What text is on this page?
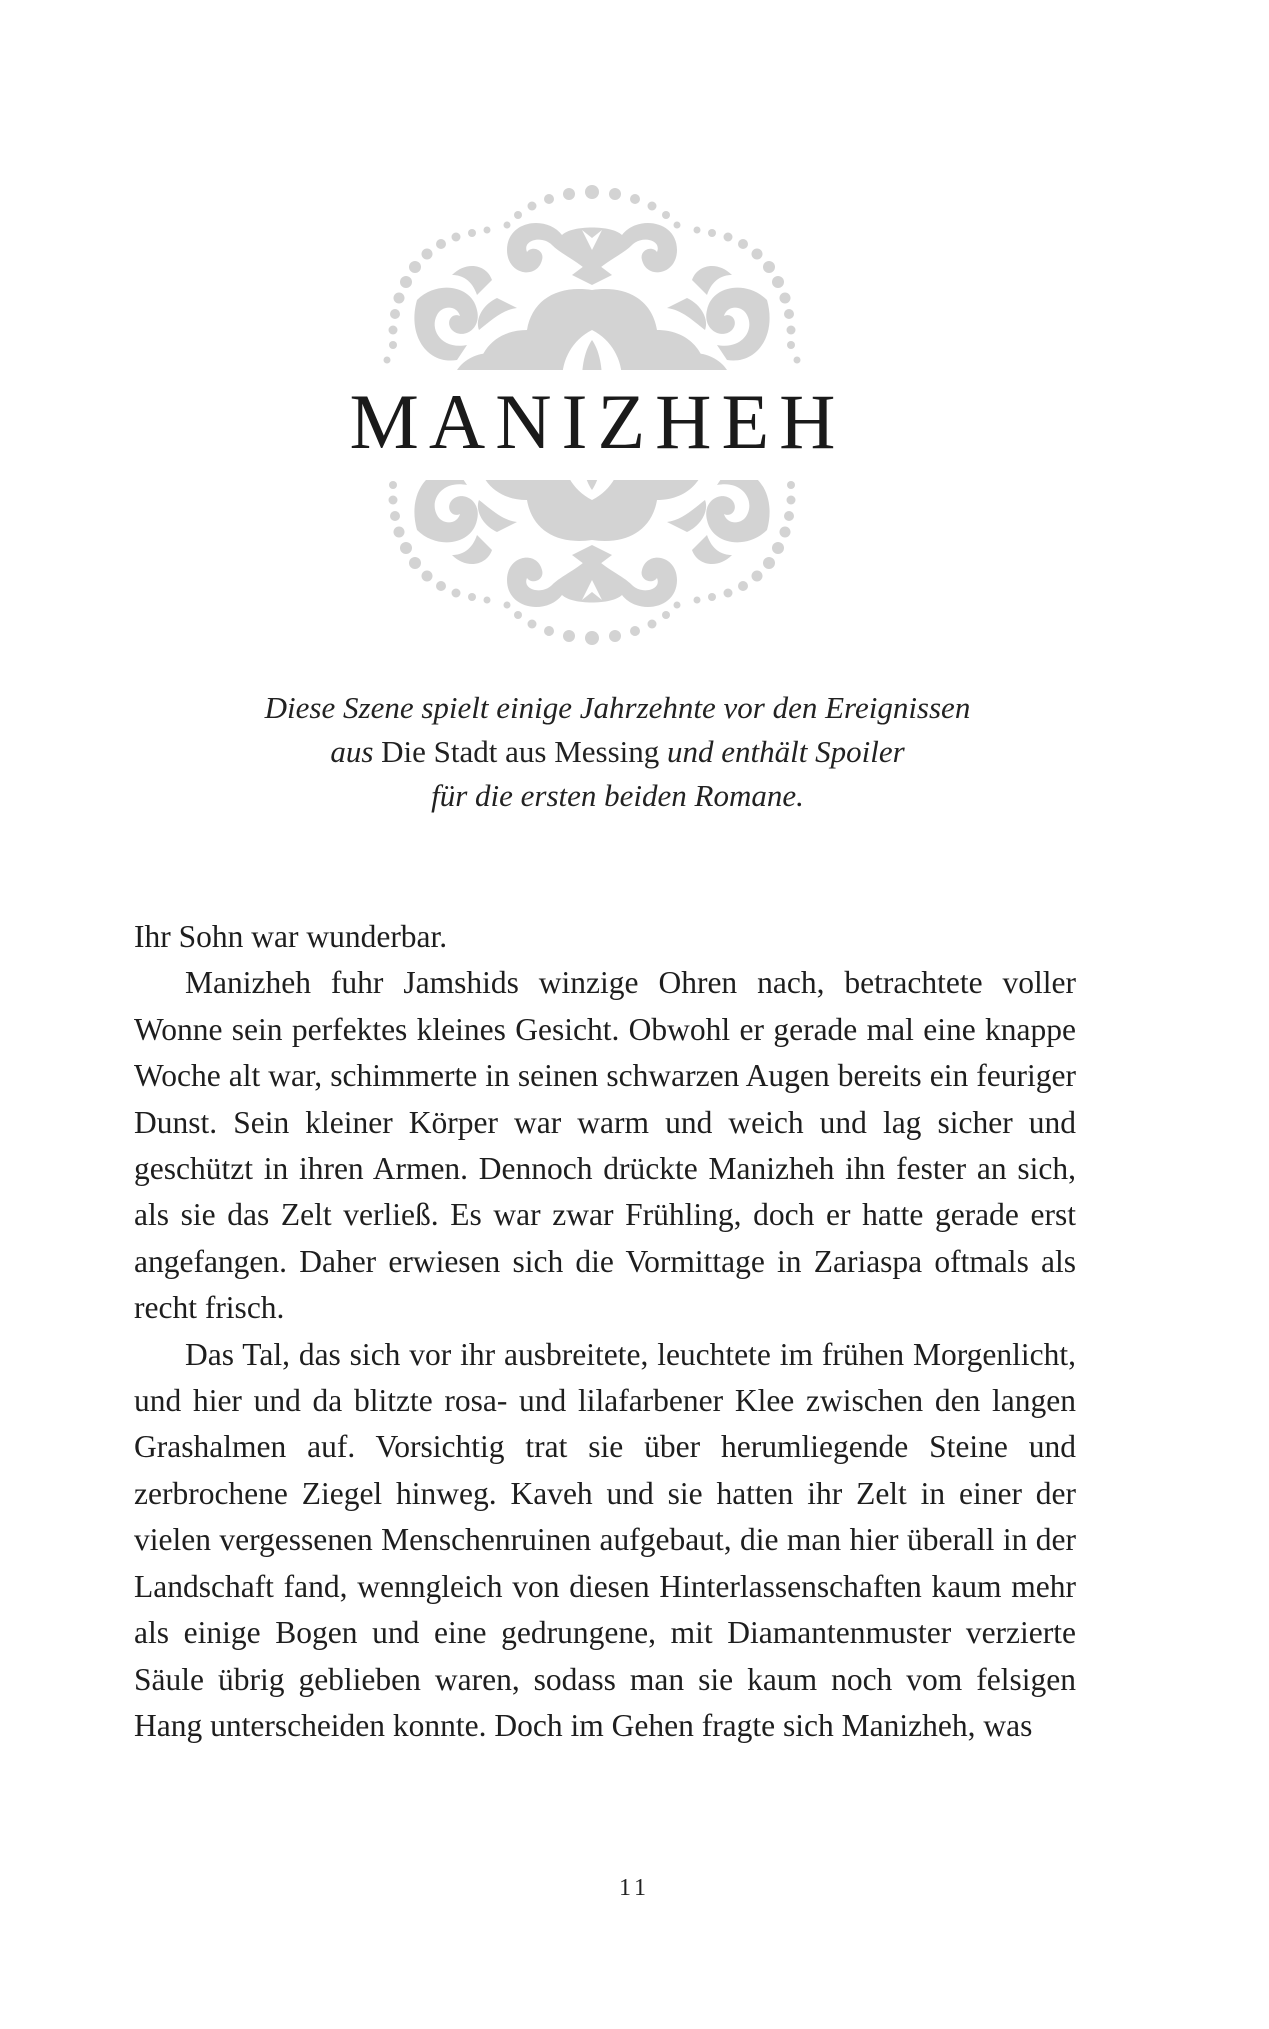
MANIZHEH
Diese Szene spielt einige Jahrzehnte vor den Ereignissen
aus Die Stadt aus Messing und enthält Spoiler
für die ersten beiden Romane.

Ihr Sohn war wunderbar.

Manizheh fuhr Jamshids winzige Ohren nach, betrachtete voller Wonne sein perfektes kleines Gesicht. Obwohl er gerade mal eine knappe Woche alt war, schimmerte in seinen schwarzen Augen bereits ein feuriger Dunst. Sein kleiner Körper war warm und weich und lag sicher und geschützt in ihren Armen. Dennoch drückte Manizheh ihn fester an sich, als sie das Zelt verließ. Es war zwar Frühling, doch er hatte gerade erst angefangen. Daher erwiesen sich die Vormittage in Zariaspa oftmals als recht frisch.

Das Tal, das sich vor ihr ausbreitete, leuchtete im frühen Morgenlicht, und hier und da blitzte rosa- und lilafarbener Klee zwischen den langen Grashalmen auf. Vorsichtig trat sie über herumliegende Steine und zerbrochene Ziegel hinweg. Kaveh und sie hatten ihr Zelt in einer der vielen vergessenen Menschenruinen aufgebaut, die man hier überall in der Landschaft fand, wenngleich von diesen Hinterlassenschaften kaum mehr als einige Bogen und eine gedrungene, mit Diamantenmuster verzierte Säule übrig geblieben waren, sodass man sie kaum noch vom felsigen Hang unterscheiden konnte. Doch im Gehen fragte sich Manizheh, was

11
